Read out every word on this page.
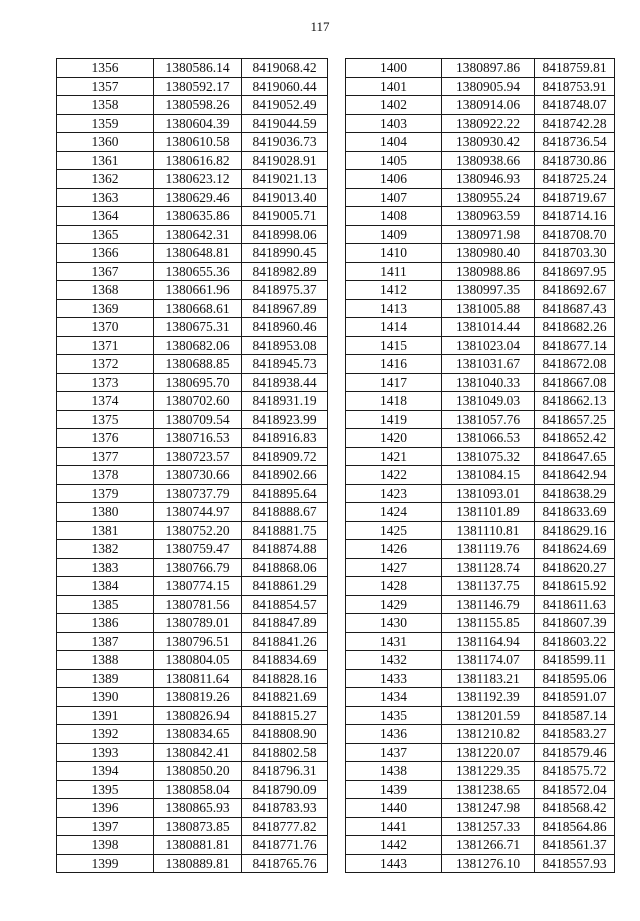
117
1356	1380586.14	8419068.42
1357	1380592.17	8419060.44
1358	1380598.26	8419052.49
1359	1380604.39	8419044.59
1360	1380610.58	8419036.73
1361	1380616.82	8419028.91
1362	1380623.12	8419021.13
1363	1380629.46	8419013.40
1364	1380635.86	8419005.71
1365	1380642.31	8418998.06
1366	1380648.81	8418990.45
1367	1380655.36	8418982.89
1368	1380661.96	8418975.37
1369	1380668.61	8418967.89
1370	1380675.31	8418960.46
1371	1380682.06	8418953.08
1372	1380688.85	8418945.73
1373	1380695.70	8418938.44
1374	1380702.60	8418931.19
1375	1380709.54	8418923.99
1376	1380716.53	8418916.83
1377	1380723.57	8418909.72
1378	1380730.66	8418902.66
1379	1380737.79	8418895.64
1380	1380744.97	8418888.67
1381	1380752.20	8418881.75
1382	1380759.47	8418874.88
1383	1380766.79	8418868.06
1384	1380774.15	8418861.29
1385	1380781.56	8418854.57
1386	1380789.01	8418847.89
1387	1380796.51	8418841.26
1388	1380804.05	8418834.69
1389	1380811.64	8418828.16
1390	1380819.26	8418821.69
1391	1380826.94	8418815.27
1392	1380834.65	8418808.90
1393	1380842.41	8418802.58
1394	1380850.20	8418796.31
1395	1380858.04	8418790.09
1396	1380865.93	8418783.93
1397	1380873.85	8418777.82
1398	1380881.81	8418771.76
1399	1380889.81	8418765.76
1400	1380897.86	8418759.81
1401	1380905.94	8418753.91
1402	1380914.06	8418748.07
1403	1380922.22	8418742.28
1404	1380930.42	8418736.54
1405	1380938.66	8418730.86
1406	1380946.93	8418725.24
1407	1380955.24	8418719.67
1408	1380963.59	8418714.16
1409	1380971.98	8418708.70
1410	1380980.40	8418703.30
1411	1380988.86	8418697.95
1412	1380997.35	8418692.67
1413	1381005.88	8418687.43
1414	1381014.44	8418682.26
1415	1381023.04	8418677.14
1416	1381031.67	8418672.08
1417	1381040.33	8418667.08
1418	1381049.03	8418662.13
1419	1381057.76	8418657.25
1420	1381066.53	8418652.42
1421	1381075.32	8418647.65
1422	1381084.15	8418642.94
1423	1381093.01	8418638.29
1424	1381101.89	8418633.69
1425	1381110.81	8418629.16
1426	1381119.76	8418624.69
1427	1381128.74	8418620.27
1428	1381137.75	8418615.92
1429	1381146.79	8418611.63
1430	1381155.85	8418607.39
1431	1381164.94	8418603.22
1432	1381174.07	8418599.11
1433	1381183.21	8418595.06
1434	1381192.39	8418591.07
1435	1381201.59	8418587.14
1436	1381210.82	8418583.27
1437	1381220.07	8418579.46
1438	1381229.35	8418575.72
1439	1381238.65	8418572.04
1440	1381247.98	8418568.42
1441	1381257.33	8418564.86
1442	1381266.71	8418561.37
1443	1381276.10	8418557.93
